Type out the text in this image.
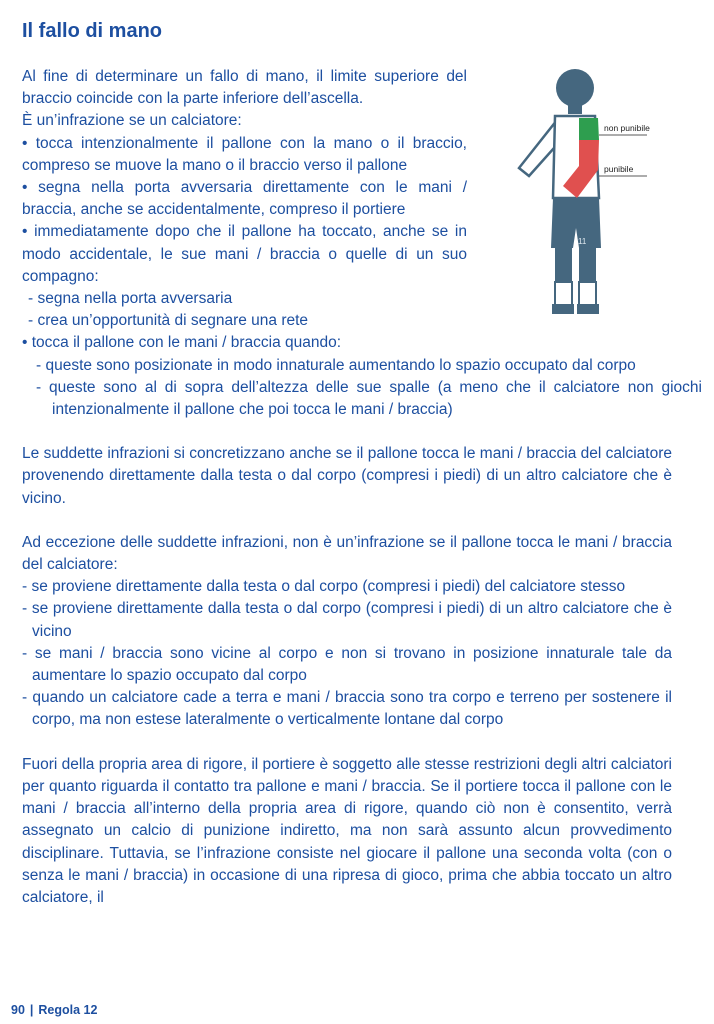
Il fallo di mano
11
non punibile
punibile

Al fine di determinare un fallo di mano, il limite superiore del braccio coincide con la parte inferiore dell’ascella.

È un’infrazione se un calciatore:

• tocca intenzionalmente il pallone con la mano o il braccio, compreso se muove la mano o il braccio verso il pallone

• segna nella porta avversaria direttamente con le mani / braccia, anche se accidentalmente, compreso il portiere

• immediatamente dopo che il pallone ha toccato, anche se in modo accidentale, le sue mani / braccia o quelle di un suo compagno:

- segna nella porta avversaria

- crea un’opportunità di segnare una rete

• tocca il pallone con le mani / braccia quando:

- queste sono posizionate in modo innaturale aumentando lo spazio occupato dal corpo

- queste sono al di sopra dell’altezza delle sue spalle (a meno che il calciatore non giochi intenzionalmente il pallone che poi tocca le mani / braccia)

Le suddette infrazioni si concretizzano anche se il pallone tocca le mani / braccia del calciatore provenendo direttamente dalla testa o dal corpo (compresi i piedi) di un altro calciatore che è vicino.

Ad eccezione delle suddette infrazioni, non è un’infrazione se il pallone tocca le mani / braccia del calciatore:

- se proviene direttamente dalla testa o dal corpo (compresi i piedi) del calciatore stesso

- se proviene direttamente dalla testa o dal corpo (compresi i piedi) di un altro calciatore che è vicino

- se mani / braccia sono vicine al corpo e non si trovano in posizione innaturale tale da aumentare lo spazio occupato dal corpo

- quando un calciatore cade a terra e mani / braccia sono tra corpo e terreno per sostenere il corpo, ma non estese lateralmente o verticalmente lontane dal corpo

Fuori della propria area di rigore, il portiere è soggetto alle stesse restrizioni degli altri calciatori per quanto riguarda il contatto tra pallone e mani / braccia. Se il portiere tocca il pallone con le mani / braccia all’interno della propria area di rigore, quando ciò non è consentito, verrà assegnato un calcio di punizione indiretto, ma non sarà assunto alcun provvedimento disciplinare. Tuttavia, se l’infrazione consiste nel giocare il pallone una seconda volta (con o senza le mani / braccia) in occasione di una ripresa di gioco, prima che abbia toccato un altro calciatore, il

90 | Regola 12
